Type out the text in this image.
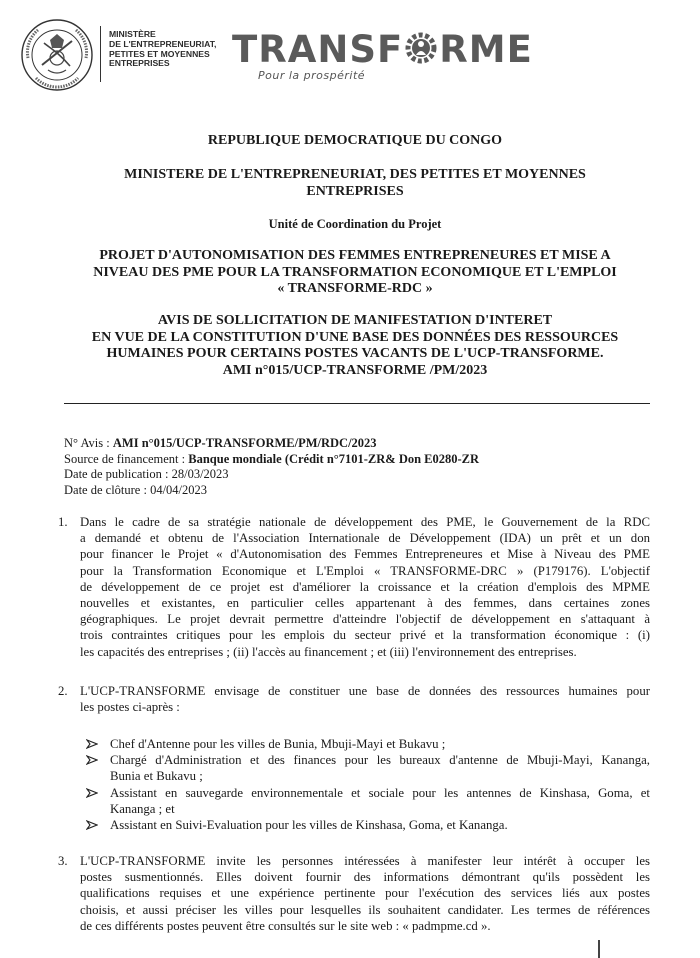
MINISTÈRE
DE L'ENTREPRENEURIAT,
PETITES ET MOYENNES
ENTREPRISES	TRANSF RME
Pour la prospérité
REPUBLIQUE DEMOCRATIQUE DU CONGO
MINISTERE DE L'ENTREPRENEURIAT, DES PETITES ET MOYENNES
ENTREPRISES
Unité de Coordination du Projet
PROJET D'AUTONOMISATION DES FEMMES ENTREPRENEURES ET MISE A
NIVEAU DES PME POUR LA TRANSFORMATION ECONOMIQUE ET L'EMPLOI
« TRANSFORME-RDC »
AVIS DE SOLLICITATION DE MANIFESTATION D'INTERET
EN VUE DE LA CONSTITUTION D'UNE BASE DES DONNÉES DES RESSOURCES
HUMAINES POUR CERTAINS POSTES VACANTS DE L'UCP-TRANSFORME.
AMI n°015/UCP-TRANSFORME /PM/2023
N° Avis : AMI n°015/UCP-TRANSFORME/PM/RDC/2023
Source de financement : Banque mondiale (Crédit n°7101-ZR& Don E0280-ZR
Date de publication : 28/03/2023
Date de clôture : 04/04/2023
1. Dans le cadre de sa stratégie nationale de développement des PME, le Gouvernement de la RDC
a demandé et obtenu de l'Association Internationale de Développement (IDA) un prêt et un don
pour financer le Projet « d'Autonomisation des Femmes Entrepreneures et Mise à Niveau des PME
pour la Transformation Economique et L'Emploi « TRANSFORME-DRC » (P179176). L'objectif
de développement de ce projet est d'améliorer la croissance et la création d'emplois des MPME
nouvelles et existantes, en particulier celles appartenant à des femmes, dans certaines zones
géographiques. Le projet devrait permettre d'atteindre l'objectif de développement en s'attaquant à
trois contraintes critiques pour les emplois du secteur privé et la transformation économique : (i)
les capacités des entreprises ; (ii) l'accès au financement ; et (iii) l'environnement des entreprises.
2. L'UCP-TRANSFORME envisage de constituer une base de données des ressources humaines pour
les postes ci-après :
Chef d'Antenne pour les villes de Bunia, Mbuji-Mayi et Bukavu ;
Chargé d'Administration et des finances pour les bureaux d'antenne de Mbuji-Mayi, Kananga,
Bunia et Bukavu ;
Assistant en sauvegarde environnementale et sociale pour les antennes de Kinshasa, Goma, et
Kananga ; et
Assistant en Suivi-Evaluation pour les villes de Kinshasa, Goma, et Kananga.
3. L'UCP-TRANSFORME invite les personnes intéressées à manifester leur intérêt à occuper les
postes susmentionnés. Elles doivent fournir des informations démontrant qu'ils possèdent les
qualifications requises et une expérience pertinente pour l'exécution des services liés aux postes
choisis, et aussi préciser les villes pour lesquelles ils souhaitent candidater. Les termes de références
de ces différents postes peuvent être consultés sur le site web : « padmpme.cd ».
